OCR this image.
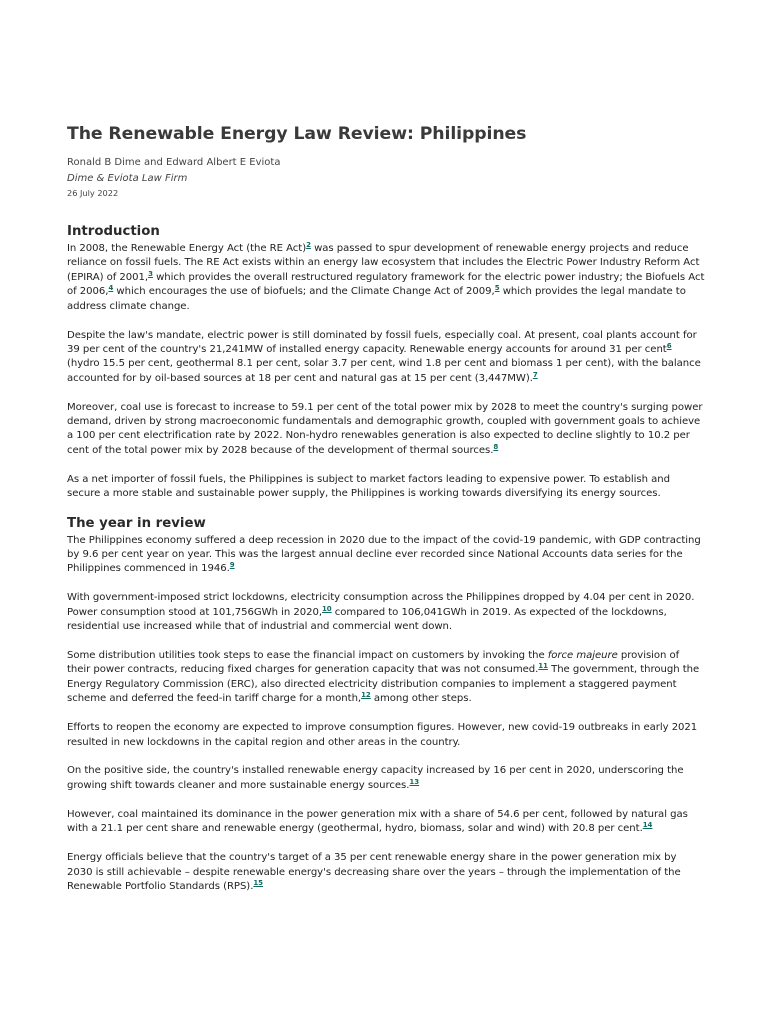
The Renewable Energy Law Review: Philippines
Ronald B Dime and Edward Albert E Eviota
Dime & Eviota Law Firm
26 July 2022
Introduction

In 2008, the Renewable Energy Act (the RE Act)$^2$ was passed to spur development of renewable energy projects and reduce reliance on fossil fuels. The RE Act exists within an energy law ecosystem that includes the Electric Power Industry Reform Act (EPIRA) of 2001,$^3$ which provides the overall restructured regulatory framework for the electric power industry; the Biofuels Act of 2006,$^4$ which encourages the use of biofuels; and the Climate Change Act of 2009,$^5$ which provides the legal mandate to address climate change.

Despite the law's mandate, electric power is still dominated by fossil fuels, especially coal. At present, coal plants account for 39 per cent of the country's 21,241MW of installed energy capacity. Renewable energy accounts for around 31 per cent$^6$ (hydro 15.5 per cent, geothermal 8.1 per cent, solar 3.7 per cent, wind 1.8 per cent and biomass 1 per cent), with the balance accounted for by oil-based sources at 18 per cent and natural gas at 15 per cent (3,447MW).$^7$

Moreover, coal use is forecast to increase to 59.1 per cent of the total power mix by 2028 to meet the country's surging power demand, driven by strong macroeconomic fundamentals and demographic growth, coupled with government goals to achieve a 100 per cent electrification rate by 2022. Non-hydro renewables generation is also expected to decline slightly to 10.2 per cent of the total power mix by 2028 because of the development of thermal sources.$^8$

As a net importer of fossil fuels, the Philippines is subject to market factors leading to expensive power. To establish and secure a more stable and sustainable power supply, the Philippines is working towards diversifying its energy sources.

The year in review

The Philippines economy suffered a deep recession in 2020 due to the impact of the covid-19 pandemic, with GDP contracting by 9.6 per cent year on year. This was the largest annual decline ever recorded since National Accounts data series for the Philippines commenced in 1946.$^9$

With government-imposed strict lockdowns, electricity consumption across the Philippines dropped by 4.04 per cent in 2020. Power consumption stood at 101,756GWh in 2020,10 compared to 106,041GWh in 2019. As expected of the lockdowns, residential use increased while that of industrial and commercial went down.

Some distribution utilities took steps to ease the financial impact on customers by invoking the force majeure provision of their power contracts, reducing fixed charges for generation capacity that was not consumed.$^{11}$ The government, through the Energy Regulatory Commission (ERC), also directed electricity distribution companies to implement a staggered payment scheme and deferred the feed-in tariff charge for a month,$^{12}$ among other steps.

Efforts to reopen the economy are expected to improve consumption figures. However, new covid-19 outbreaks in early 2021 resulted in new lockdowns in the capital region and other areas in the country.

On the positive side, the country's installed renewable energy capacity increased by 16 per cent in 2020, underscoring the growing shift towards cleaner and more sustainable energy sources.$^{13}$

However, coal maintained its dominance in the power generation mix with a share of 54.6 per cent, followed by natural gas with a 21.1 per cent share and renewable energy (geothermal, hydro, biomass, solar and wind) with 20.8 per cent.$^{14}$

Energy officials believe that the country's target of a 35 per cent renewable energy share in the power generation mix by 2030 is still achievable – despite renewable energy's decreasing share over the years – through the implementation of the Renewable Portfolio Standards (RPS).$^{15}$
